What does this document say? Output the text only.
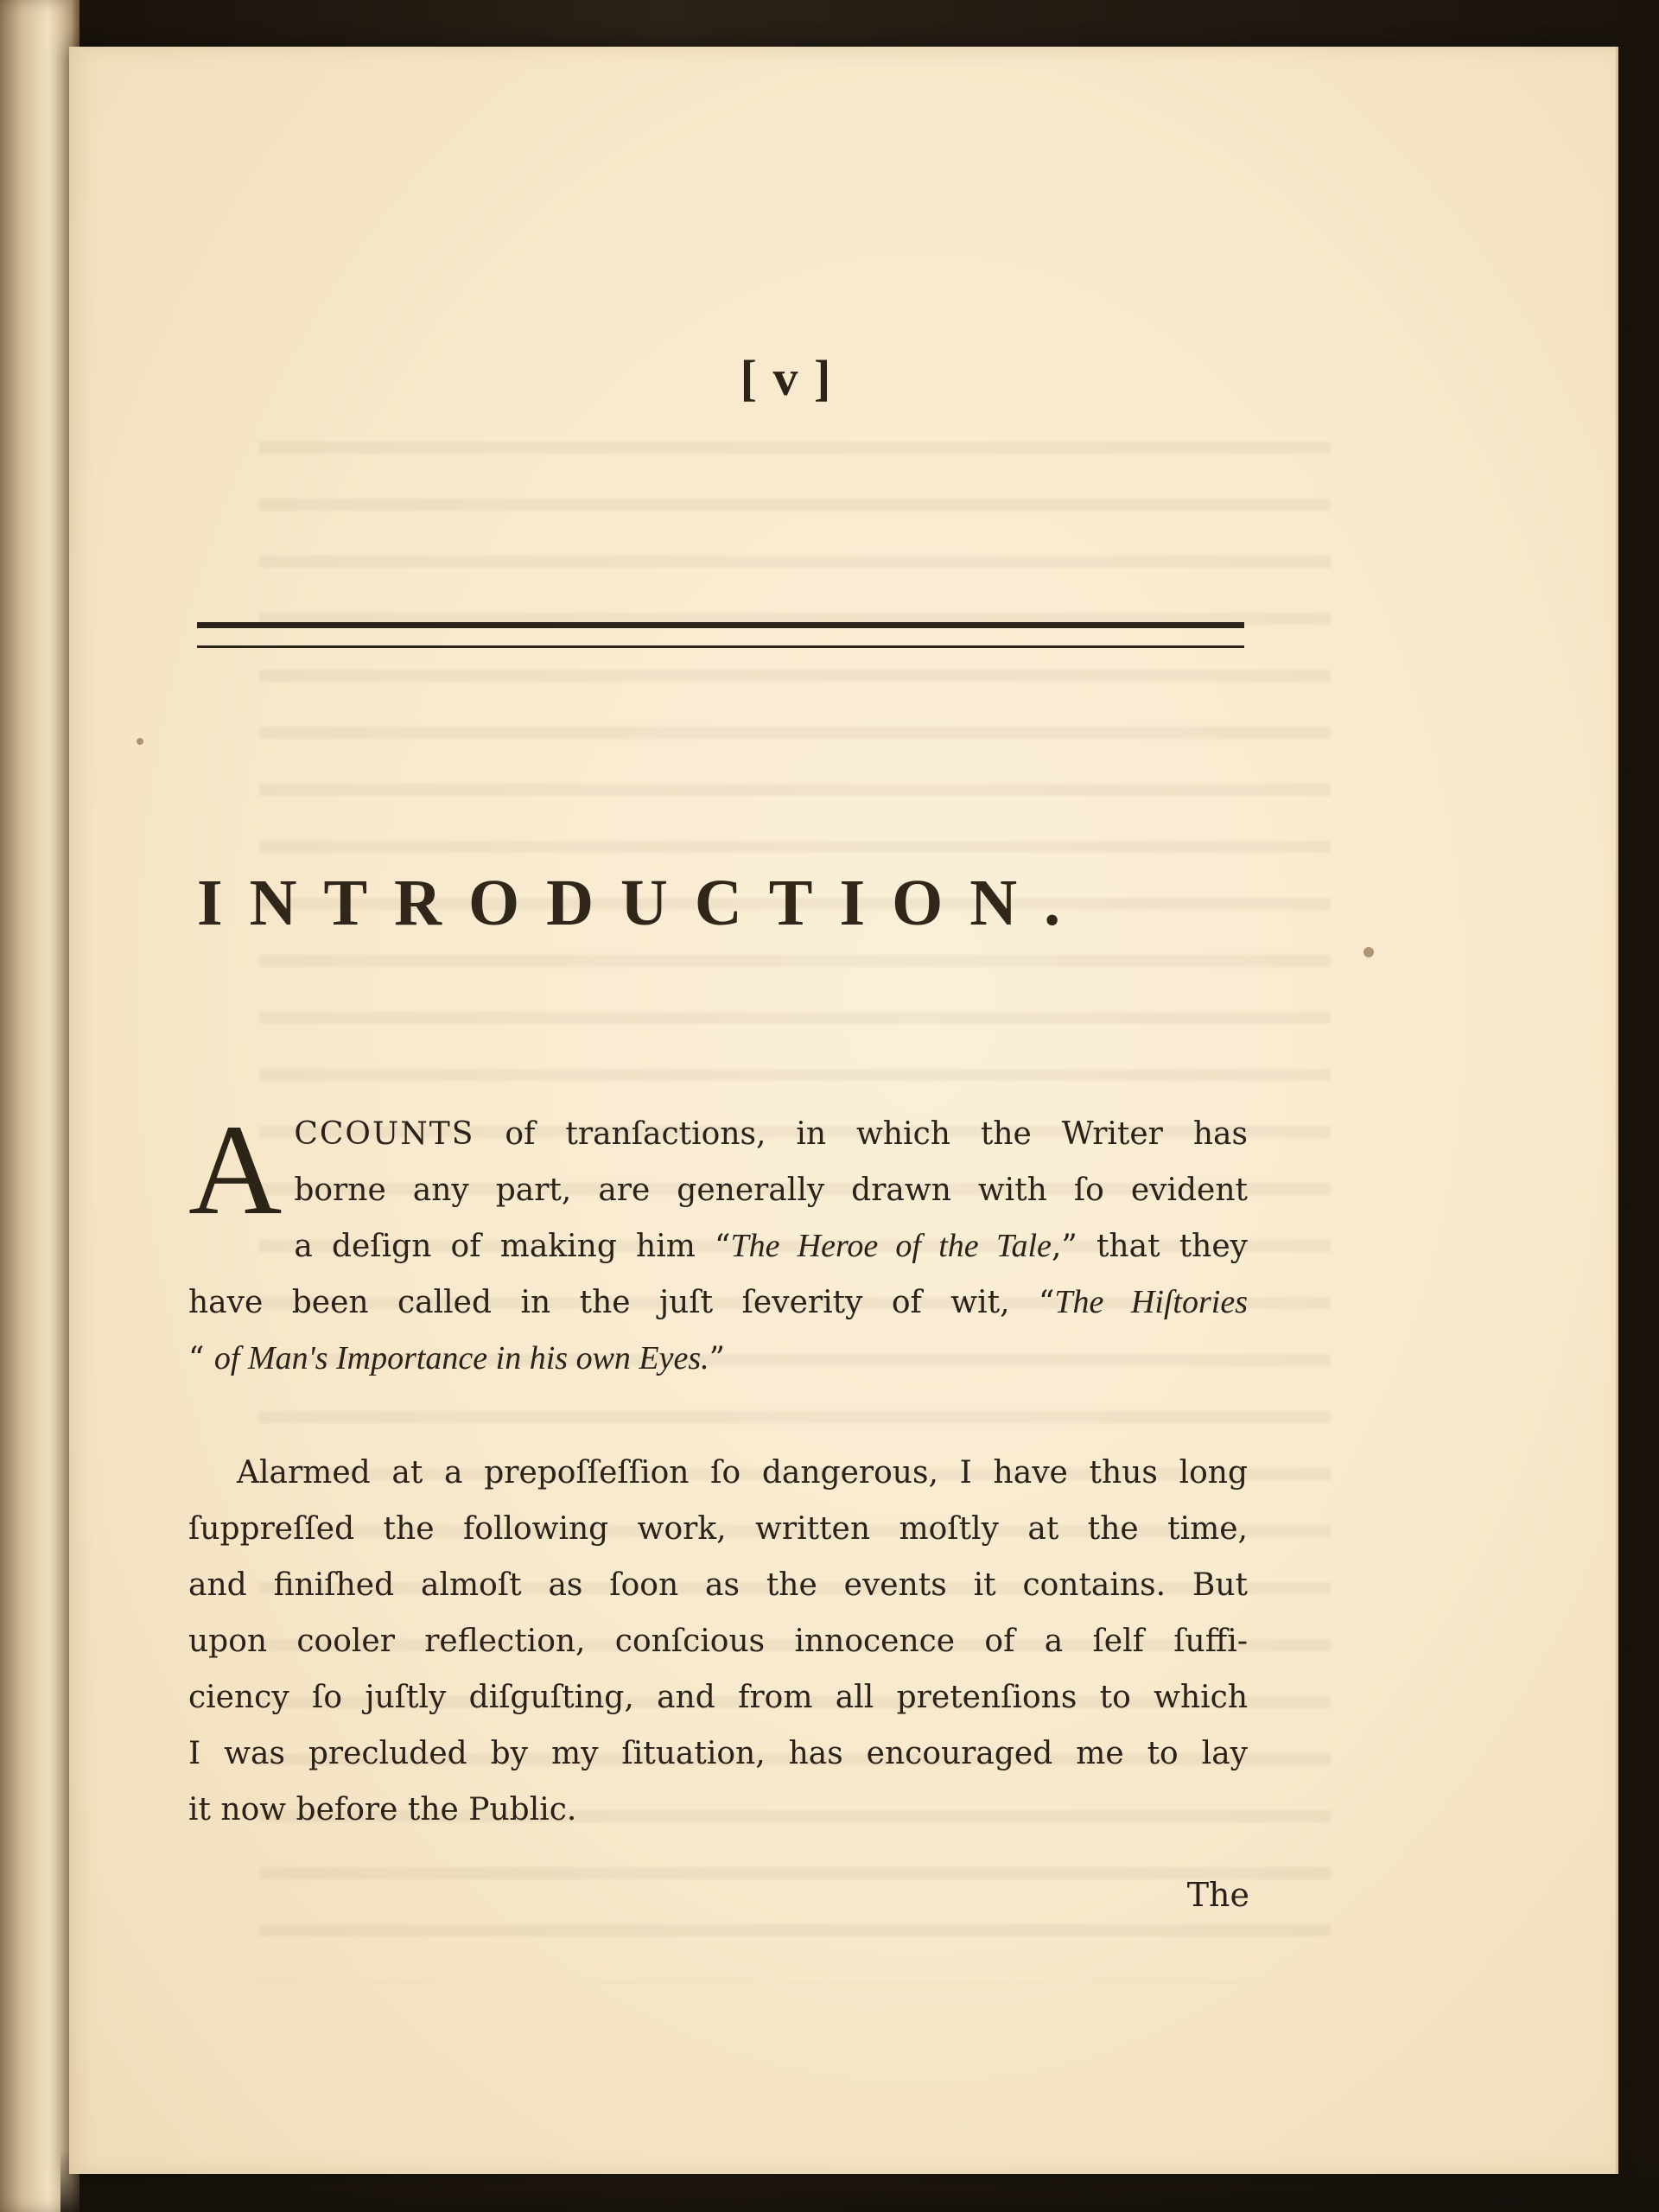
[ v ]
INTRODUCTION.
A CCOUNTS of tranſactions, in which the Writer has
borne any part, are generally drawn with ſo evident
a deſign of making him “The Heroe of the Tale,” that they
have been called in the juſt ſeverity of wit, “The Hiſtories
“ of Man's Importance in his own Eyes.”
Alarmed at a prepoſſeſſion ſo dangerous, I have thus long
ſuppreſſed the following work, written moſtly at the time,
and finiſhed almoſt as ſoon as the events it contains. But
upon cooler reflection, conſcious innocence of a ſelf ſuffi-
ciency ſo juſtly diſguſting, and from all pretenſions to which
I was precluded by my ſituation, has encouraged me to lay
it now before the Public.
The
